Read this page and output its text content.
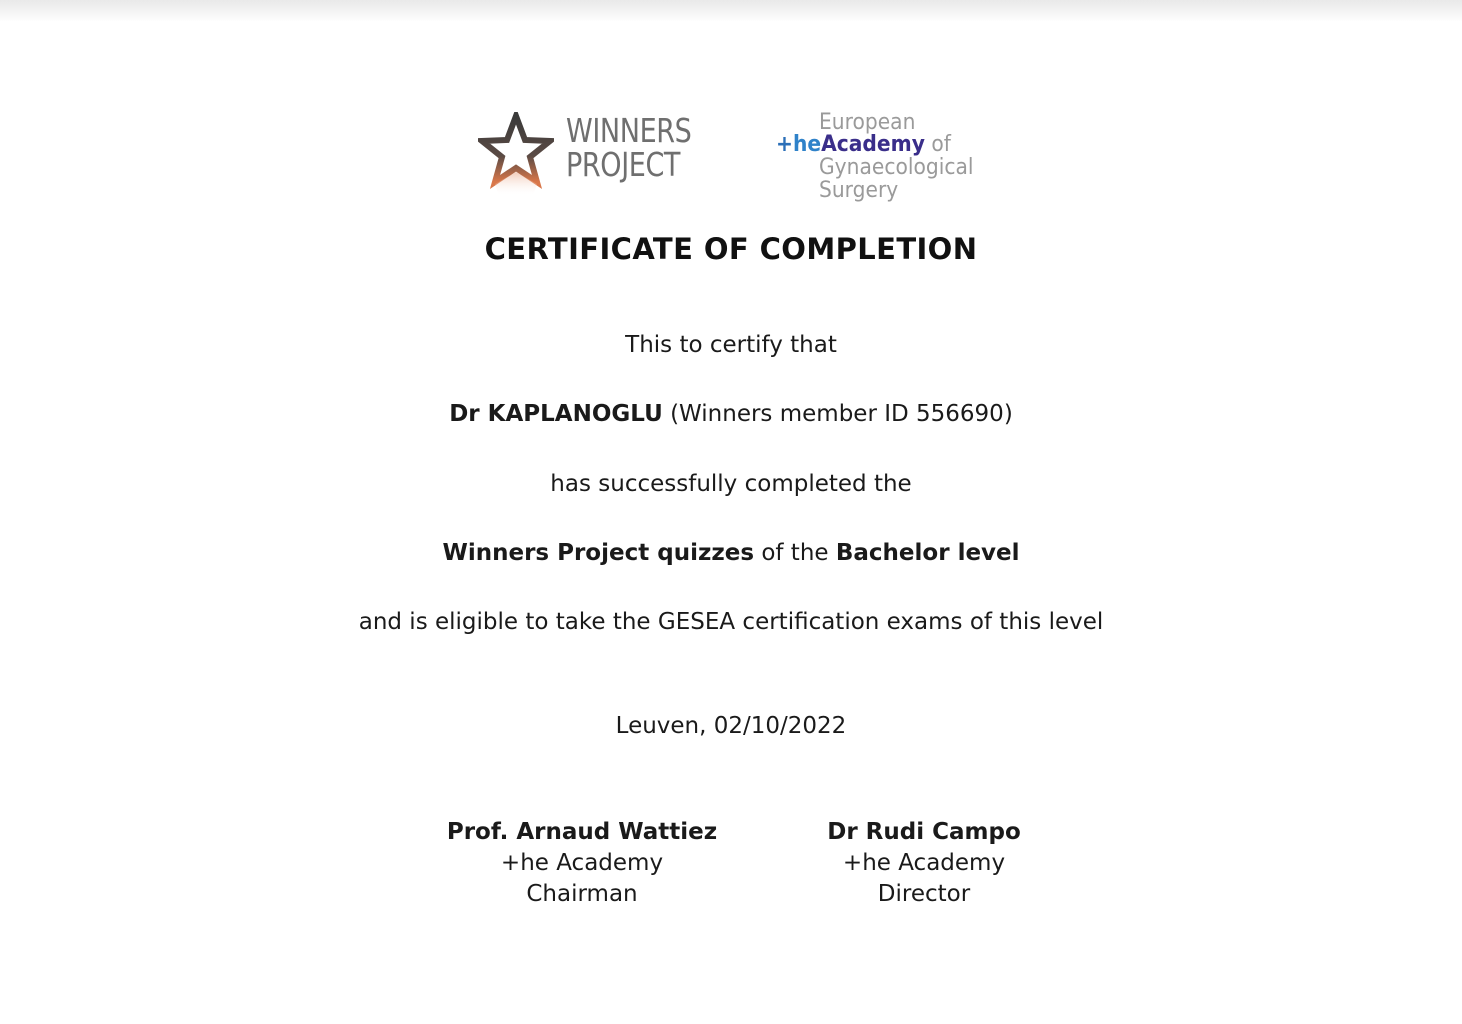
WINNERS
PROJECT
European
+heAcademy of
Gynaecological
Surgery
CERTIFICATE OF COMPLETION
This to certify that
Dr KAPLANOGLU (Winners member ID 556690)
has successfully completed the
Winners Project quizzes of the Bachelor level
and is eligible to take the GESEA certification exams of this level
Leuven, 02/10/2022
Prof. Arnaud Wattiez
+he Academy
Chairman
Dr Rudi Campo
+he Academy
Director
